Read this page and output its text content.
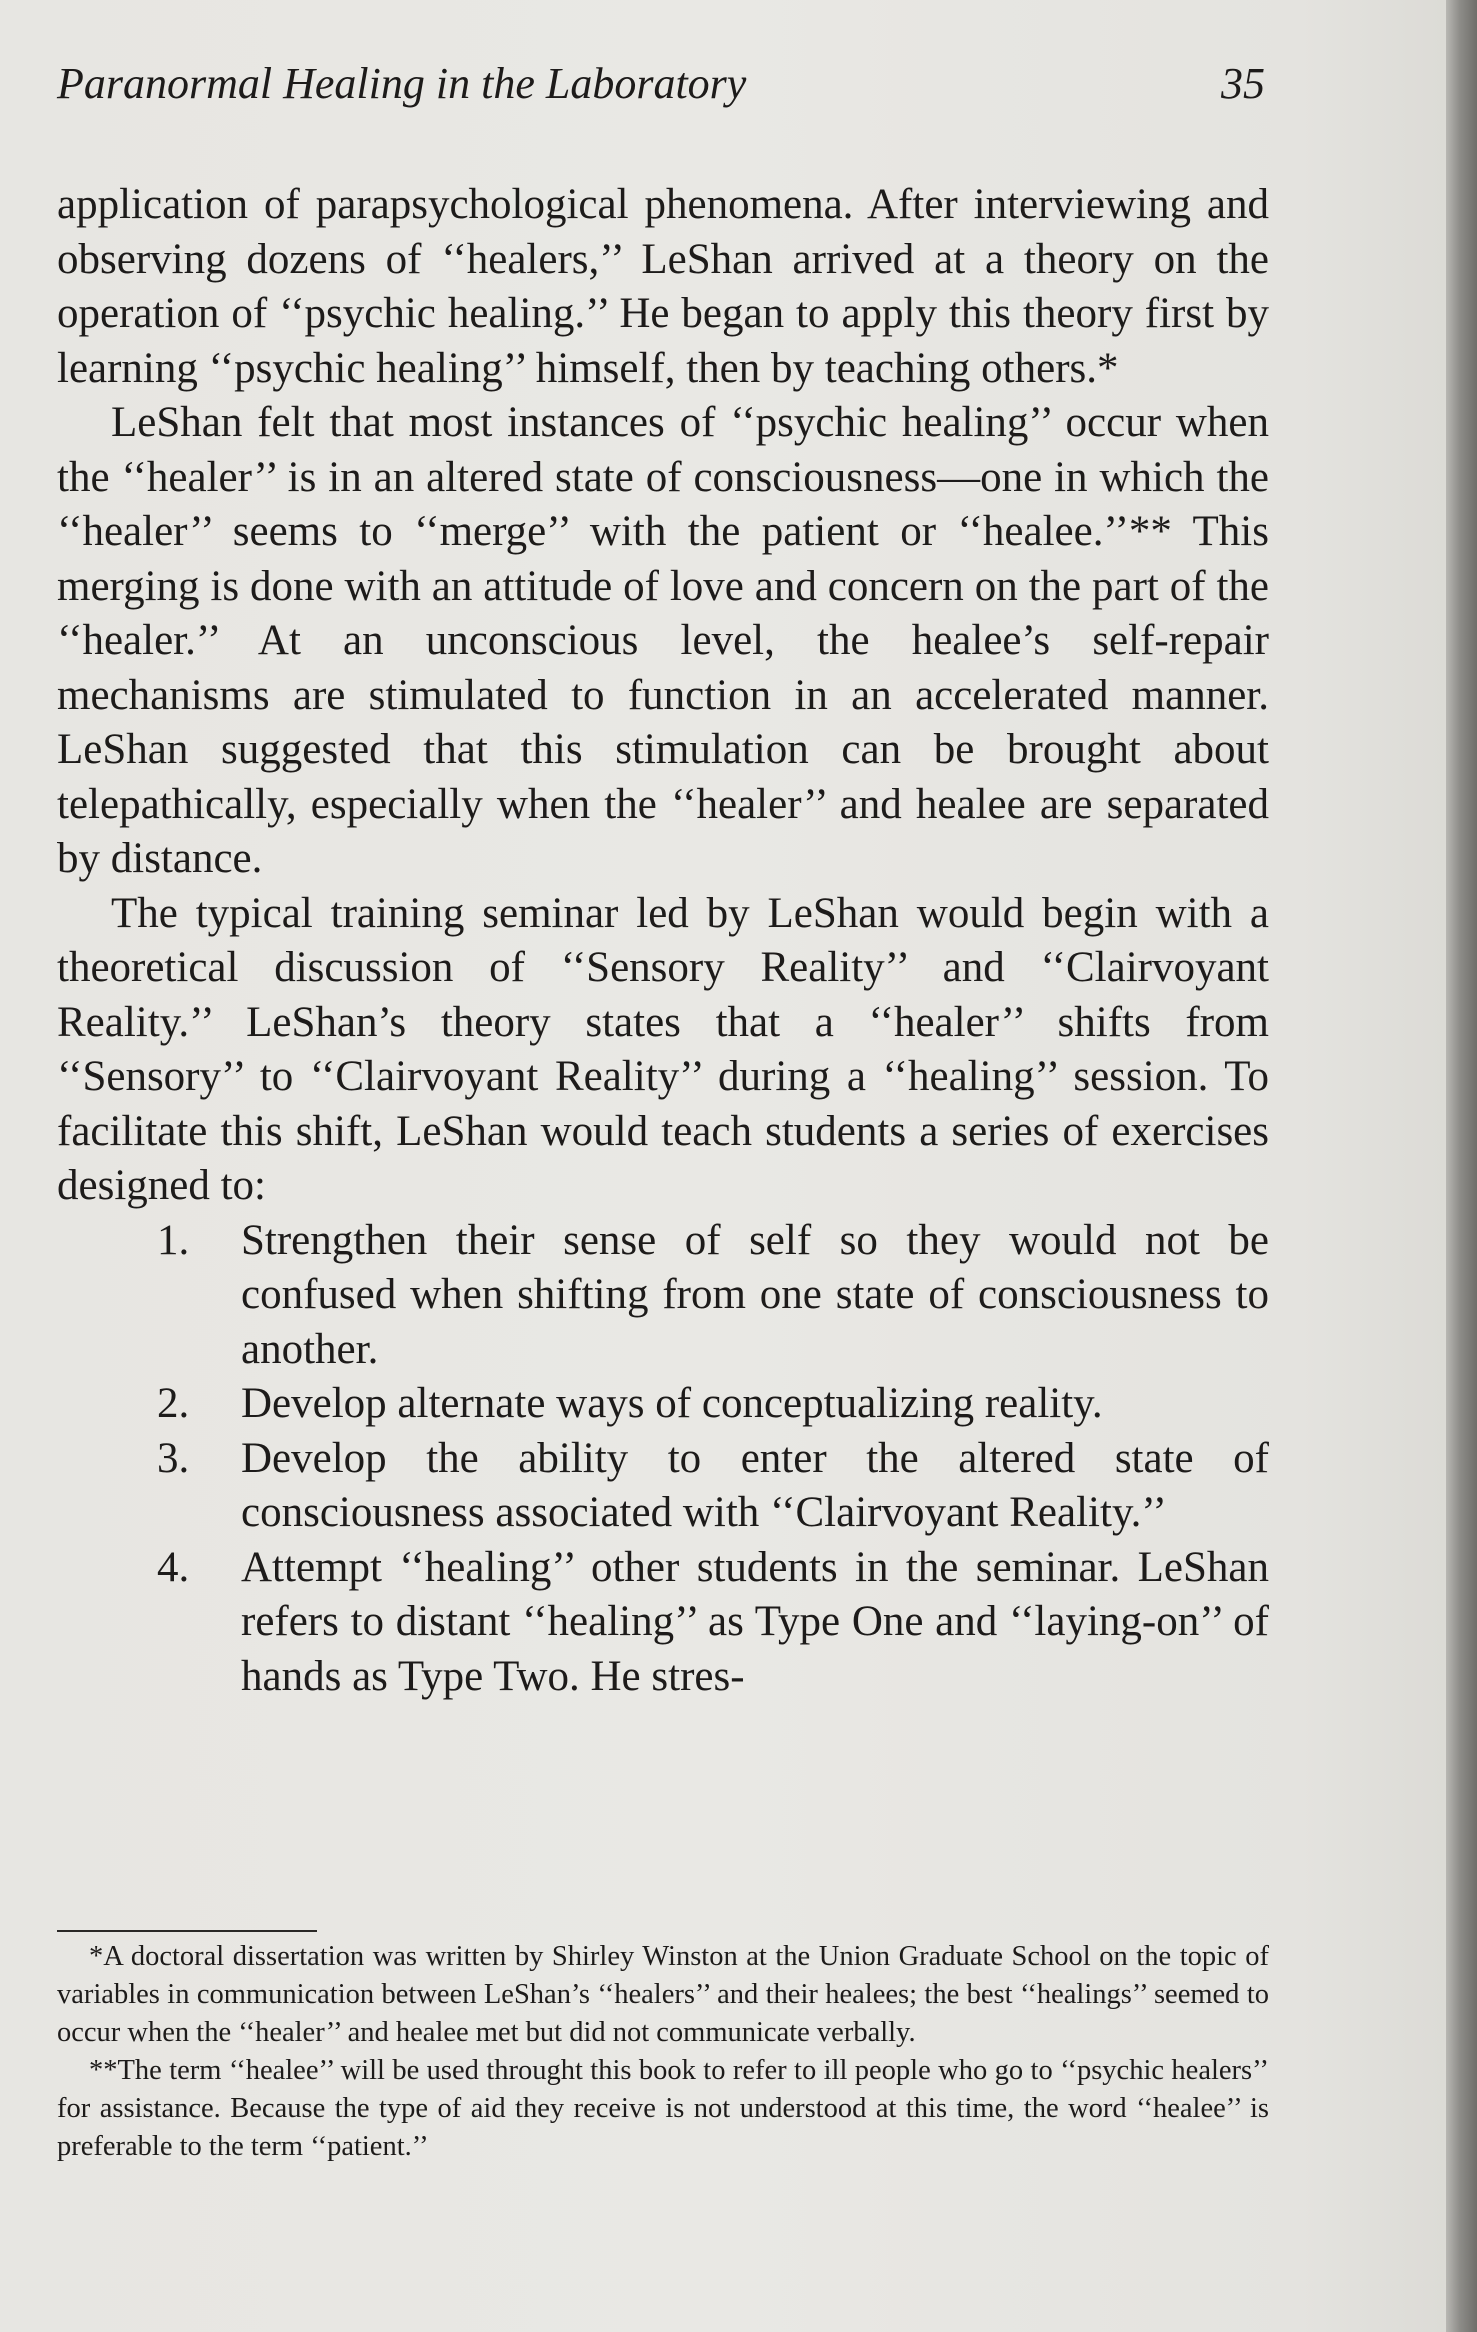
Paranormal Healing in the Laboratory	35

application of parapsychological phenomena. After interviewing and observing dozens of ‘‘healers,’’ LeShan arrived at a theory on the operation of ‘‘psychic healing.’’ He began to apply this theory first by learning ‘‘psychic healing’’ himself, then by teaching others.*

LeShan felt that most instances of ‘‘psychic healing’’ occur when the ‘‘healer’’ is in an altered state of consciousness—one in which the ‘‘healer’’ seems to ‘‘merge’’ with the patient or ‘‘healee.’’** This merging is done with an attitude of love and concern on the part of the ‘‘healer.’’ At an unconscious level, the healee’s self-repair mechanisms are stimulated to function in an accelerated manner. LeShan suggested that this stimulation can be brought about telepathically, especially when the ‘‘healer’’ and healee are separated by distance.

The typical training seminar led by LeShan would begin with a theoretical discussion of ‘‘Sensory Reality’’ and ‘‘Clairvoyant Reality.’’ LeShan’s theory states that a ‘‘healer’’ shifts from ‘‘Sensory’’ to ‘‘Clairvoyant Reality’’ during a ‘‘healing’’ session. To facilitate this shift, LeShan would teach students a series of exercises designed to:

1. Strengthen their sense of self so they would not be confused when shifting from one state of consciousness to another.
2. Develop alternate ways of conceptualizing reality.
3. Develop the ability to enter the altered state of consciousness associated with ‘‘Clairvoyant Reality.’’
4. Attempt ‘‘healing’’ other students in the seminar. LeShan refers to distant ‘‘healing’’ as Type One and ‘‘laying-on’’ of hands as Type Two. He stres-

*A doctoral dissertation was written by Shirley Winston at the Union Graduate School on the topic of variables in communication between LeShan’s ‘‘healers’’ and their healees; the best ‘‘healings’’ seemed to occur when the ‘‘healer’’ and healee met but did not communicate verbally.

**The term ‘‘healee’’ will be used throught this book to refer to ill people who go to ‘‘psychic healers’’ for assistance. Because the type of aid they receive is not understood at this time, the word ‘‘healee’’ is preferable to the term ‘‘patient.’’
